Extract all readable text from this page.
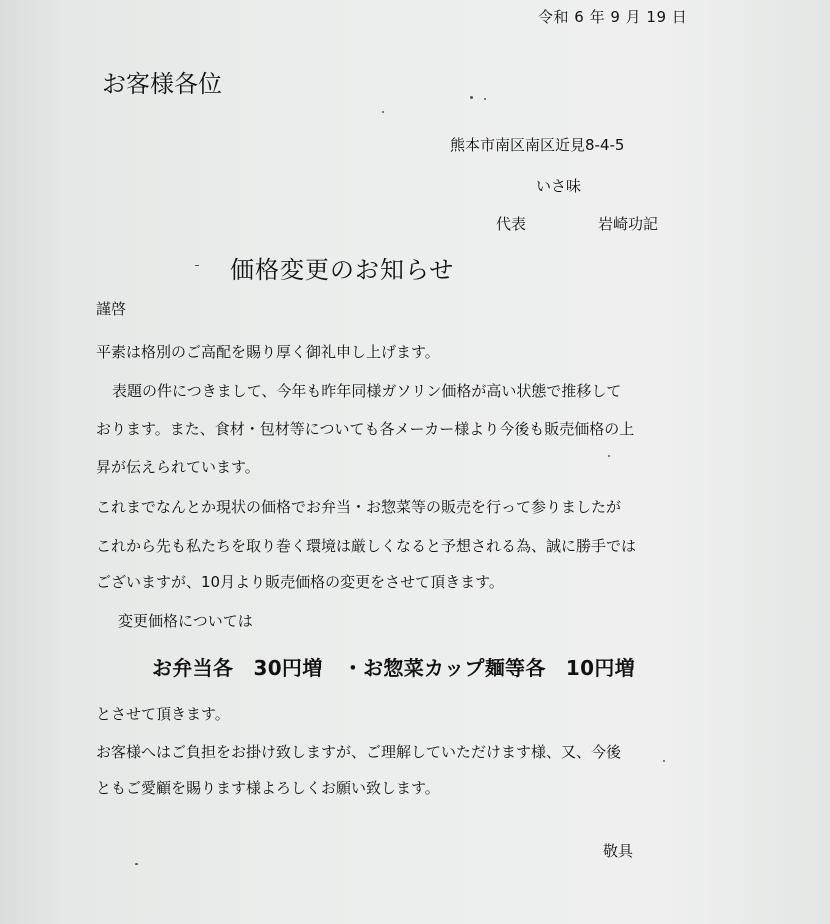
令和 6 年 9 月 19 日
お客様各位
熊本市南区南区近見8-4-5
いさ味
代表	岩崎功記
価格変更のお知らせ
謹啓
平素は格別のご高配を賜り厚く御礼申し上げます。
表題の件につきまして、今年も昨年同様ガソリン価格が高い状態で推移して
おります。また、食材・包材等についても各メーカー様より今後も販売価格の上
昇が伝えられています。
これまでなんとか現状の価格でお弁当・お惣菜等の販売を行って参りましたが
これから先も私たちを取り巻く環境は厳しくなると予想される為、誠に勝手では
ございますが、10月より販売価格の変更をさせて頂きます。
変更価格については
お弁当各　30円増　・お惣菜カップ麺等各　10円増
とさせて頂きます。
お客様へはご負担をお掛け致しますが、ご理解していただけます様、又、今後
ともご愛顧を賜ります様よろしくお願い致します。
敬具
